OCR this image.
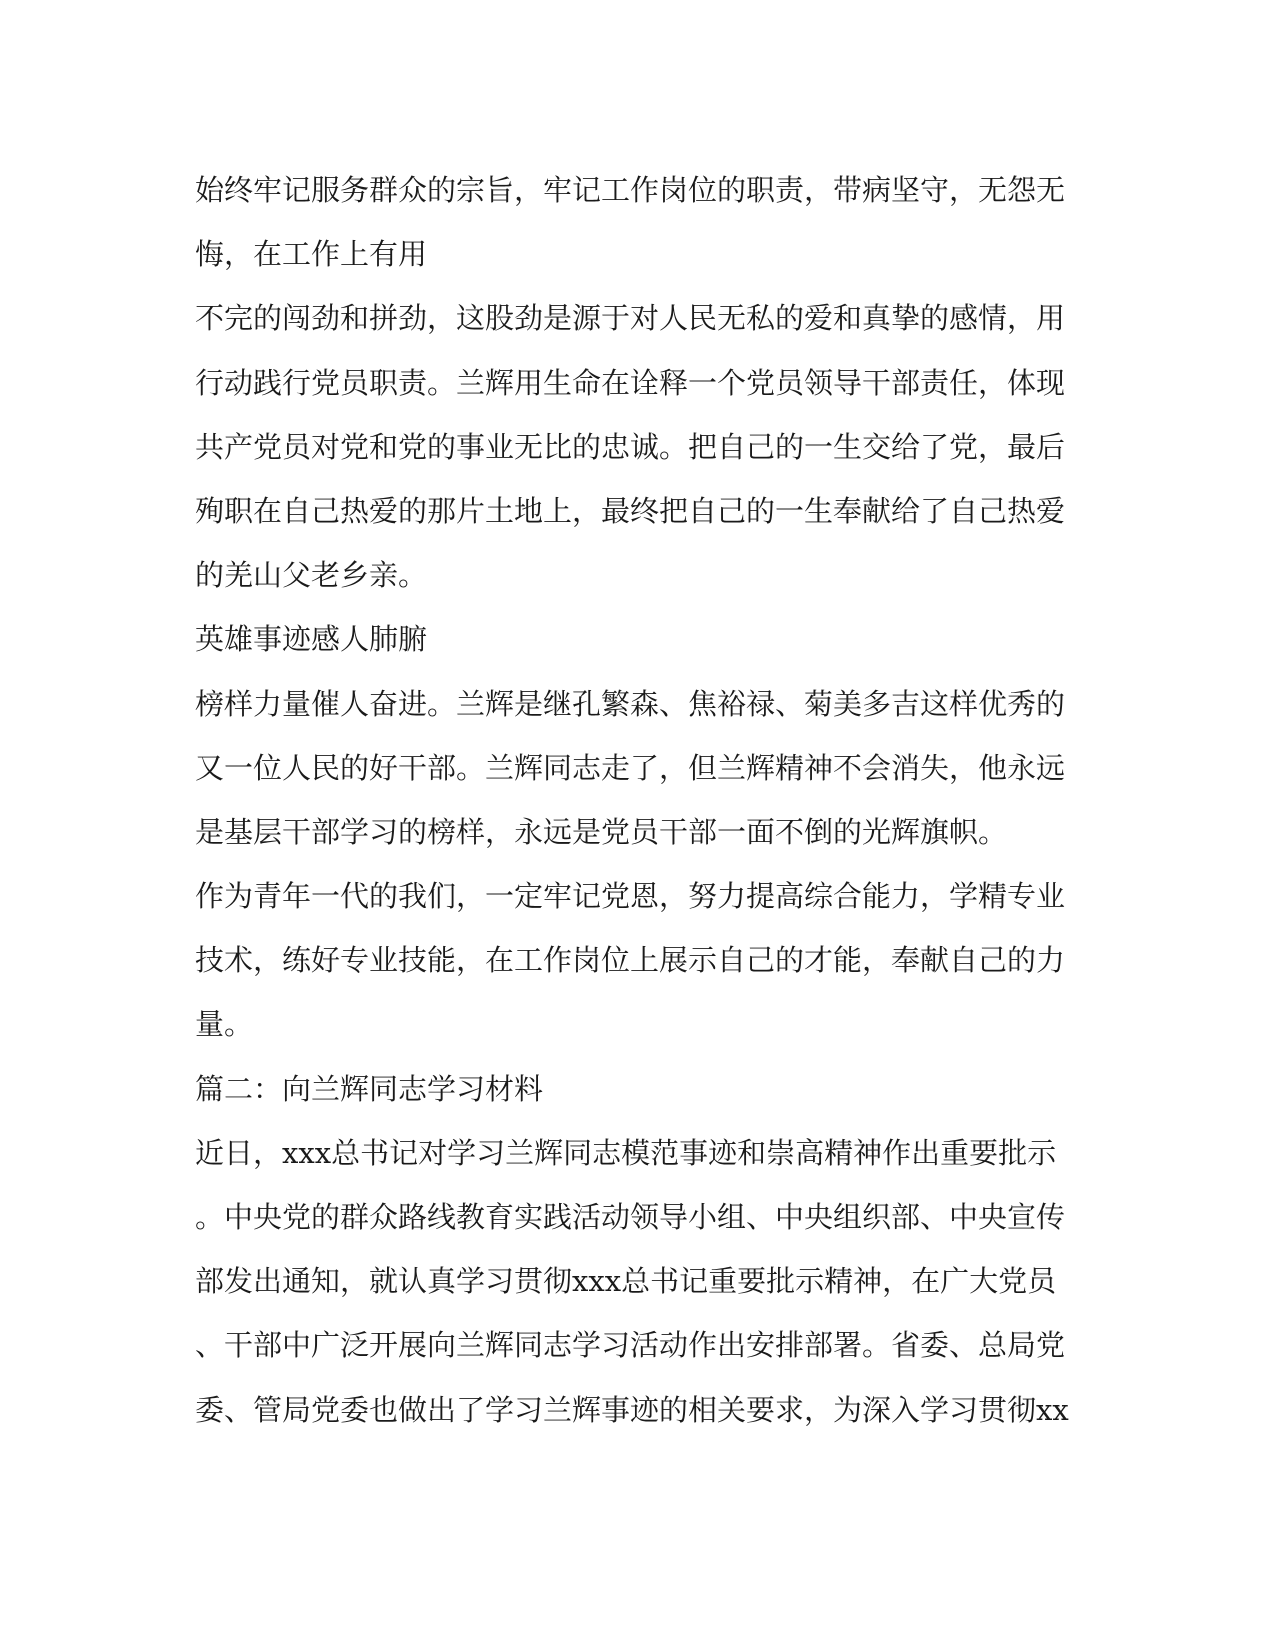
始终牢记服务群众的宗旨，牢记工作岗位的职责，带病坚守，无怨无
悔，在工作上有用
不完的闯劲和拼劲，这股劲是源于对人民无私的爱和真挚的感情，用
行动践行党员职责。兰辉用生命在诠释一个党员领导干部责任，体现
共产党员对党和党的事业无比的忠诚。把自己的一生交给了党，最后
殉职在自己热爱的那片土地上，最终把自己的一生奉献给了自己热爱
的羌山父老乡亲。
英雄事迹感人肺腑
榜样力量催人奋进。兰辉是继孔繁森、焦裕禄、菊美多吉这样优秀的
又一位人民的好干部。兰辉同志走了，但兰辉精神不会消失，他永远
是基层干部学习的榜样，永远是党员干部一面不倒的光辉旗帜。
作为青年一代的我们，一定牢记党恩，努力提高综合能力，学精专业
技术，练好专业技能，在工作岗位上展示自己的才能，奉献自己的力
量。
篇二：向兰辉同志学习材料
近日，xxx总书记对学习兰辉同志模范事迹和崇高精神作出重要批示
。中央党的群众路线教育实践活动领导小组、中央组织部、中央宣传
部发出通知，就认真学习贯彻xxx总书记重要批示精神，在广大党员
、干部中广泛开展向兰辉同志学习活动作出安排部署。省委、总局党
委、管局党委也做出了学习兰辉事迹的相关要求，为深入学习贯彻xx
